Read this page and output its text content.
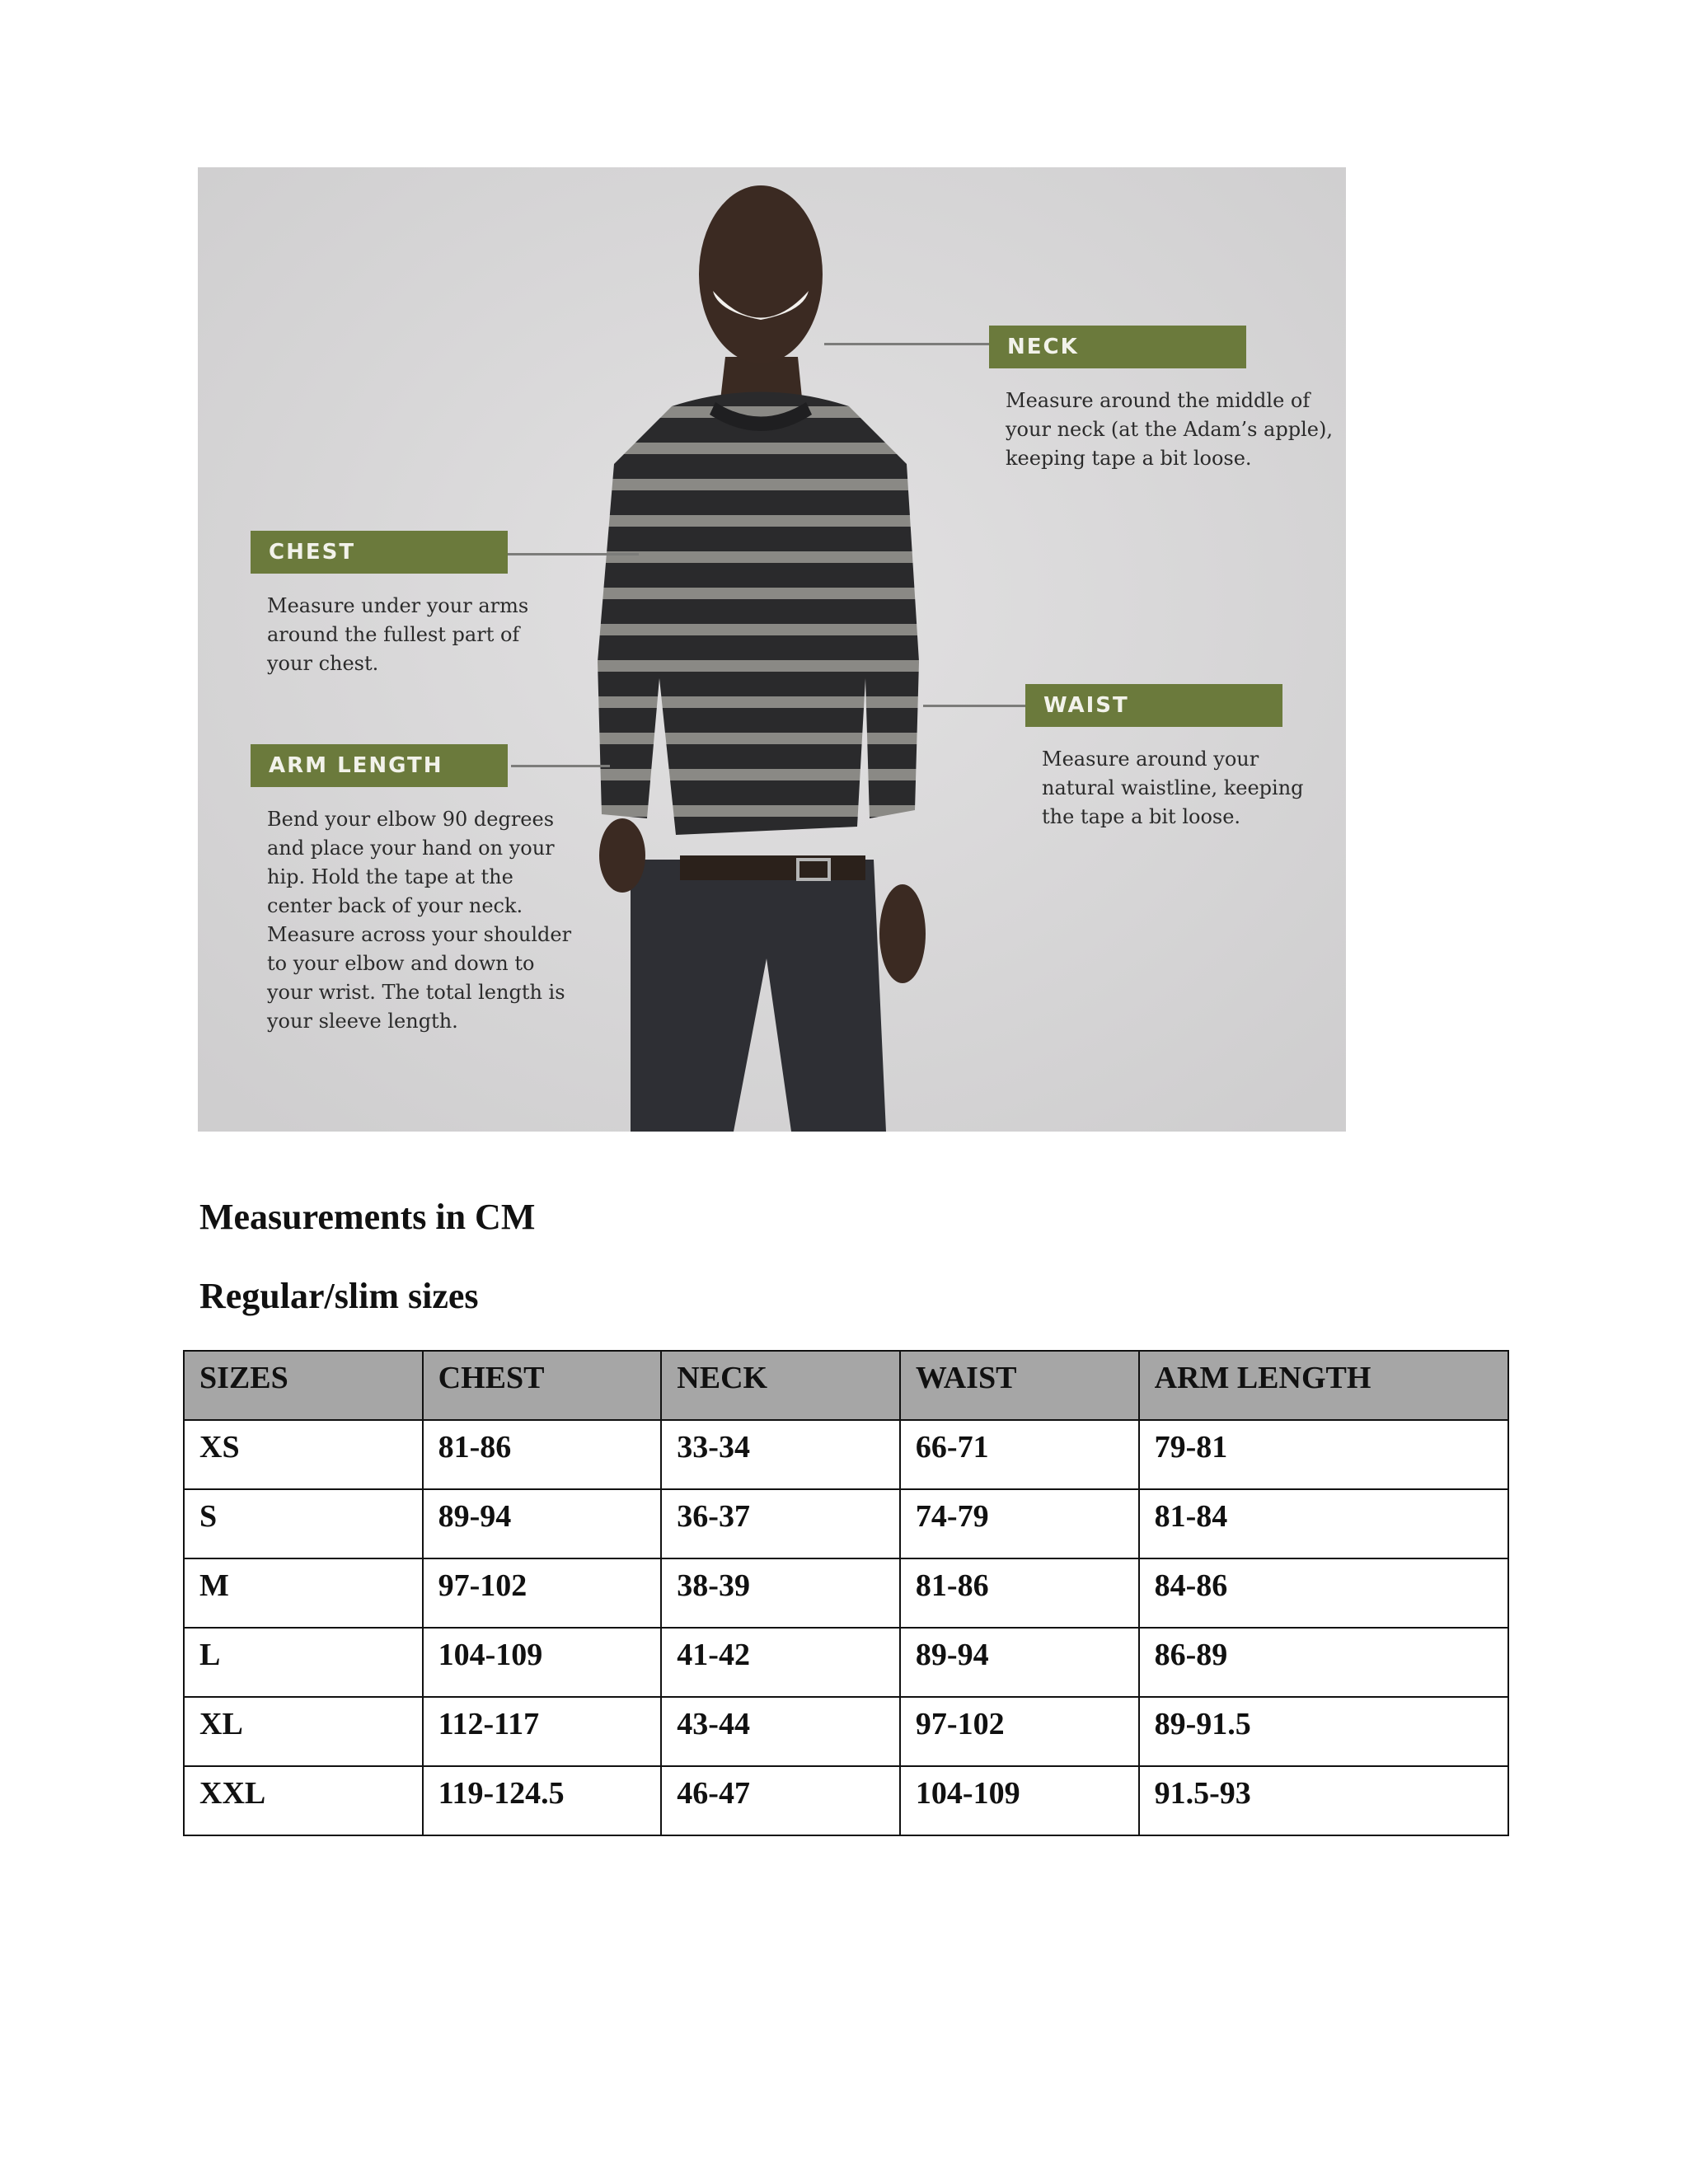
NECK
Measure around the middle of
your neck (at the Adam’s apple),
keeping tape a bit loose.
CHEST
Measure under your arms
around the fullest part of
your chest.
WAIST
Measure around your
natural waistline, keeping
the tape a bit loose.
ARM LENGTH
Bend your elbow 90 degrees
and place your hand on your
hip. Hold the tape at the
center back of your neck.
Measure across your shoulder
to your elbow and down to
your wrist. The total length is
your sleeve length.
Measurements in CM
Regular/slim sizes
SIZES	CHEST	NECK	WAIST	ARM LENGTH
XS	81-86	33-34	66-71	79-81
S	89-94	36-37	74-79	81-84
M	97-102	38-39	81-86	84-86
L	104-109	41-42	89-94	86-89
XL	112-117	43-44	97-102	89-91.5
XXL	119-124.5	46-47	104-109	91.5-93
